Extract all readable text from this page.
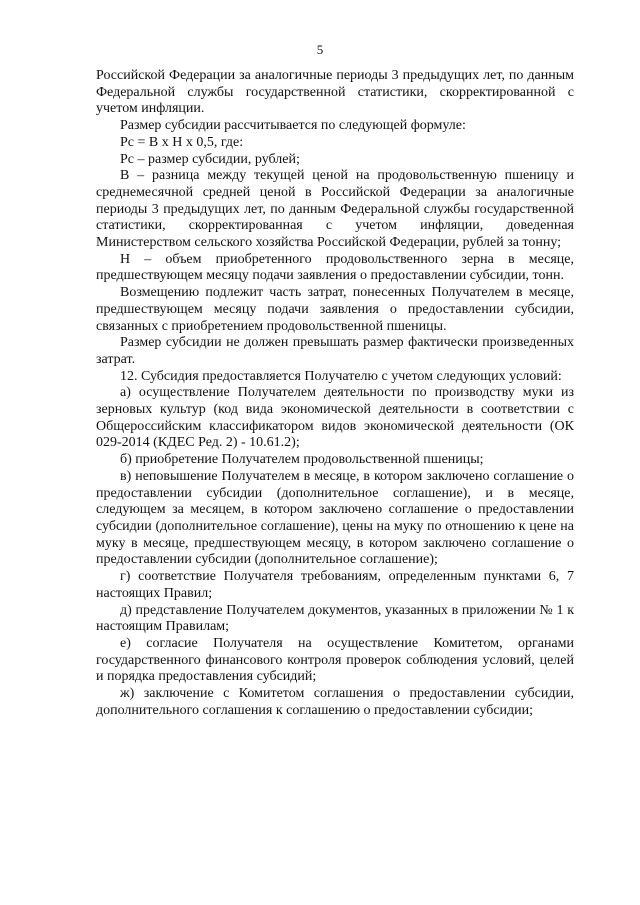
5

Российской Федерации за аналогичные периоды 3 предыдущих лет, по данным Федеральной службы государственной статистики, скорректированной с учетом инфляции.

Размер субсидии рассчитывается по следующей формуле:

Рс = В х Н х 0,5, где:

Рс – размер субсидии, рублей;

В – разница между текущей ценой на продовольственную пшеницу и среднемесячной средней ценой в Российской Федерации за аналогичные периоды 3 предыдущих лет, по данным Федеральной службы государственной статистики, скорректированная с учетом инфляции, доведенная Министерством сельского хозяйства Российской Федерации, рублей за тонну;

Н – объем приобретенного продовольственного зерна в месяце, предшествующем месяцу подачи заявления о предоставлении субсидии, тонн.

Возмещению подлежит часть затрат, понесенных Получателем в месяце, предшествующем месяцу подачи заявления о предоставлении субсидии, связанных с приобретением продовольственной пшеницы.

Размер субсидии не должен превышать размер фактически произведенных затрат.

12. Субсидия предоставляется Получателю с учетом следующих условий:

а) осуществление Получателем деятельности по производству муки из зерновых культур (код вида экономической деятельности в соответствии с Общероссийским классификатором видов экономической деятельности (ОК 029-2014 (КДЕС Ред. 2) - 10.61.2);

б) приобретение Получателем продовольственной пшеницы;

в) неповышение Получателем в месяце, в котором заключено соглашение о предоставлении субсидии (дополнительное соглашение), и в месяце, следующем за месяцем, в котором заключено соглашение о предоставлении субсидии (дополнительное соглашение), цены на муку по отношению к цене на муку в месяце, предшествующем месяцу, в котором заключено соглашение о предоставлении субсидии (дополнительное соглашение);

г) соответствие Получателя требованиям, определенным пунктами 6, 7 настоящих Правил;

д) представление Получателем документов, указанных в приложении № 1 к настоящим Правилам;

е) согласие Получателя на осуществление Комитетом, органами государственного финансового контроля проверок соблюдения условий, целей и порядка предоставления субсидий;

ж) заключение с Комитетом соглашения о предоставлении субсидии, дополнительного соглашения к соглашению о предоставлении субсидии;
